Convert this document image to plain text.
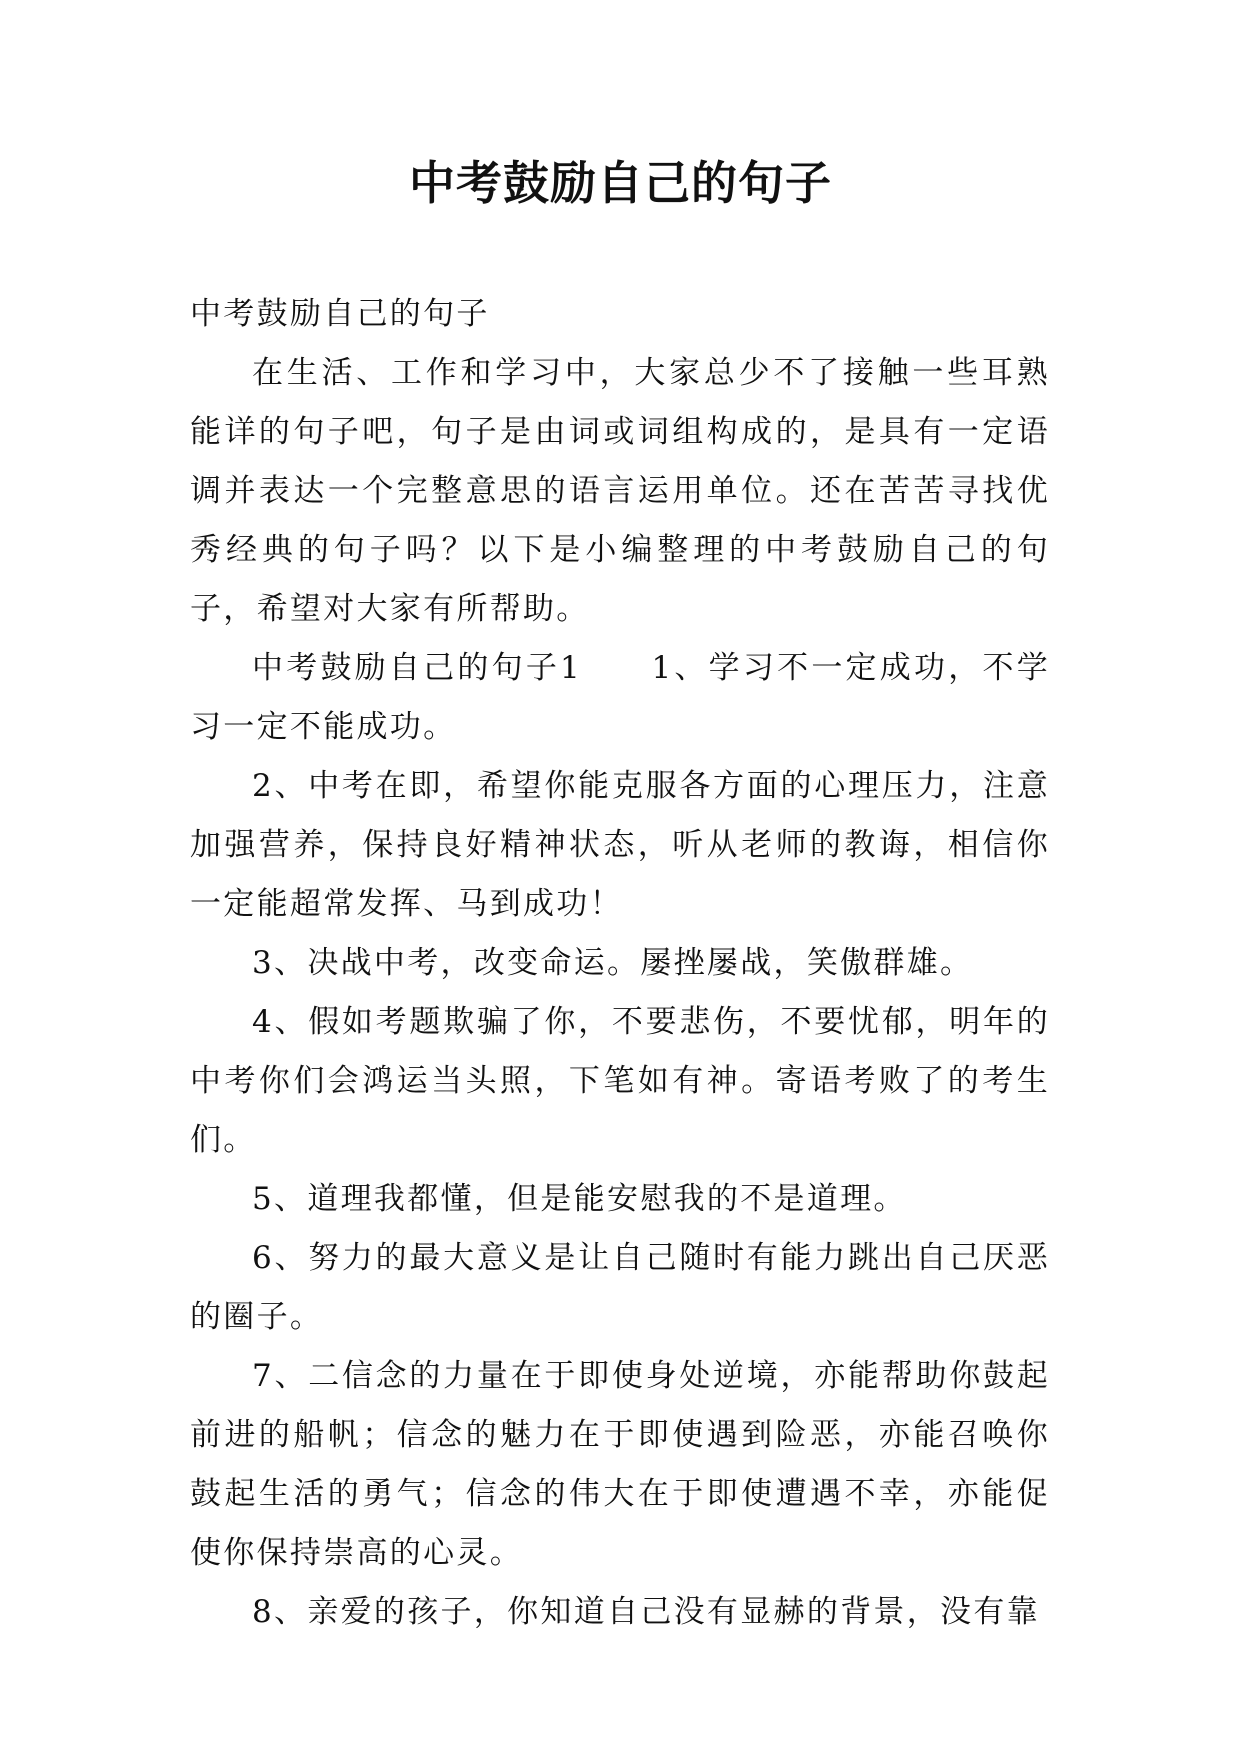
中考鼓励自己的句子

中考鼓励自己的句子

在生活、工作和学习中，大家总少不了接触一些耳熟能详的句子吧，句子是由词或词组构成的，是具有一定语调并表达一个完整意思的语言运用单位。还在苦苦寻找优秀经典的句子吗？以下是小编整理的中考鼓励自己的句子，希望对大家有所帮助。

中考鼓励自己的句子1　　1、学习不一定成功，不学习一定不能成功。

2、中考在即，希望你能克服各方面的心理压力，注意加强营养，保持良好精神状态，听从老师的教诲，相信你一定能超常发挥、马到成功！

3、决战中考，改变命运。屡挫屡战，笑傲群雄。

4、假如考题欺骗了你，不要悲伤，不要忧郁，明年的中考你们会鸿运当头照，下笔如有神。寄语考败了的考生们。

5、道理我都懂，但是能安慰我的不是道理。

6、努力的最大意义是让自己随时有能力跳出自己厌恶的圈子。

7、二信念的力量在于即使身处逆境，亦能帮助你鼓起前进的船帆；信念的魅力在于即使遇到险恶，亦能召唤你鼓起生活的勇气；信念的伟大在于即使遭遇不幸，亦能促使你保持崇高的心灵。

8、亲爱的孩子，你知道自己没有显赫的背景，没有靠
